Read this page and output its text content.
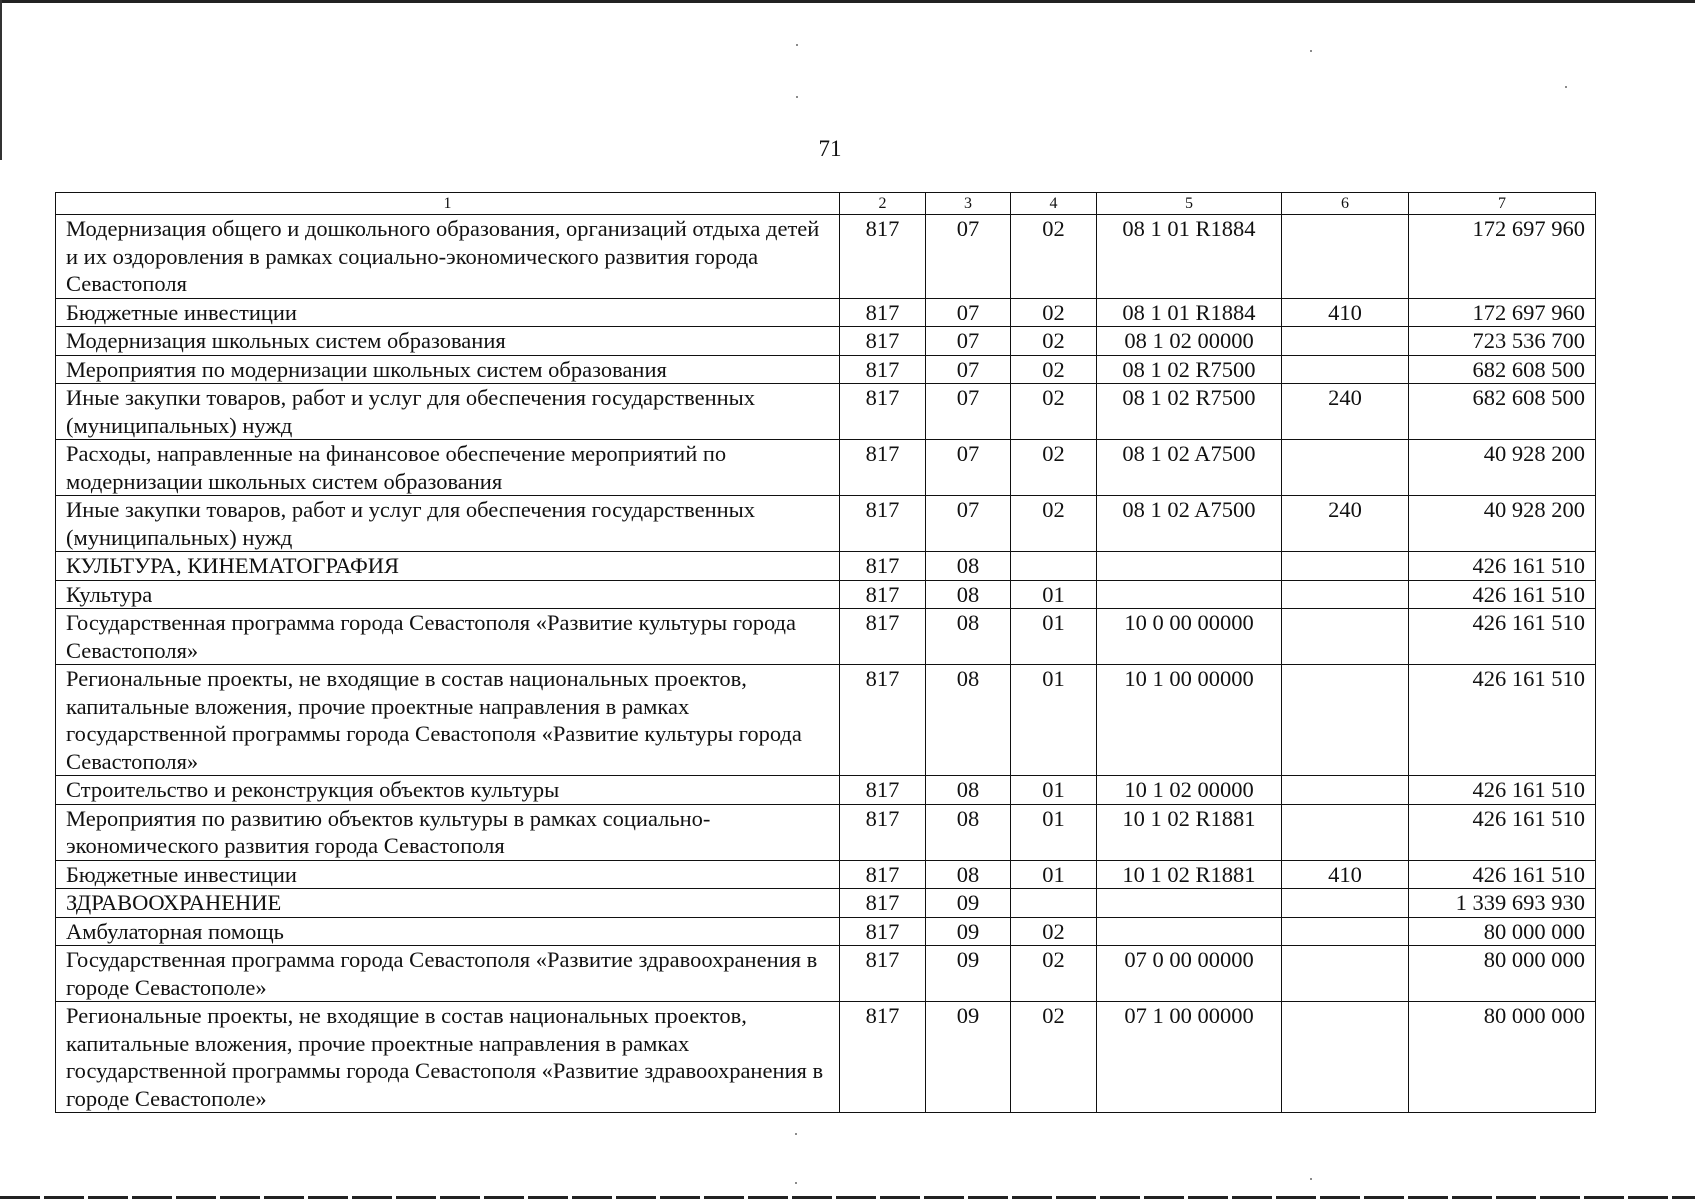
71
1	2	3	4	5	6	7
Модернизация общего и дошкольного образования, организаций отдыха детей и их оздоровления в рамках социально-экономического развития города Севастополя	817	07	02	08 1 01 R1884		172 697 960
Бюджетные инвестиции	817	07	02	08 1 01 R1884	410	172 697 960
Модернизация школьных систем образования	817	07	02	08 1 02 00000		723 536 700
Мероприятия по модернизации школьных систем образования	817	07	02	08 1 02 R7500		682 608 500
Иные закупки товаров, работ и услуг для обеспечения государственных (муниципальных) нужд	817	07	02	08 1 02 R7500	240	682 608 500
Расходы, направленные на финансовое обеспечение мероприятий по модернизации школьных систем образования	817	07	02	08 1 02 A7500		40 928 200
Иные закупки товаров, работ и услуг для обеспечения государственных (муниципальных) нужд	817	07	02	08 1 02 A7500	240	40 928 200
КУЛЬТУРА, КИНЕМАТОГРАФИЯ	817	08				426 161 510
Культура	817	08	01			426 161 510
Государственная программа города Севастополя «Развитие культуры города Севастополя»	817	08	01	10 0 00 00000		426 161 510
Региональные проекты, не входящие в состав национальных проектов, капитальные вложения, прочие проектные направления в рамках государственной программы города Севастополя «Развитие культуры города Севастополя»	817	08	01	10 1 00 00000		426 161 510
Строительство и реконструкция объектов культуры	817	08	01	10 1 02 00000		426 161 510
Мероприятия по развитию объектов культуры в рамках социально-экономического развития города Севастополя	817	08	01	10 1 02 R1881		426 161 510
Бюджетные инвестиции	817	08	01	10 1 02 R1881	410	426 161 510
ЗДРАВООХРАНЕНИЕ	817	09				1 339 693 930
Амбулаторная помощь	817	09	02			80 000 000
Государственная программа города Севастополя «Развитие здравоохранения в городе Севастополе»	817	09	02	07 0 00 00000		80 000 000
Региональные проекты, не входящие в состав национальных проектов, капитальные вложения, прочие проектные направления в рамках государственной программы города Севастополя «Развитие здравоохранения в городе Севастополе»	817	09	02	07 1 00 00000		80 000 000
